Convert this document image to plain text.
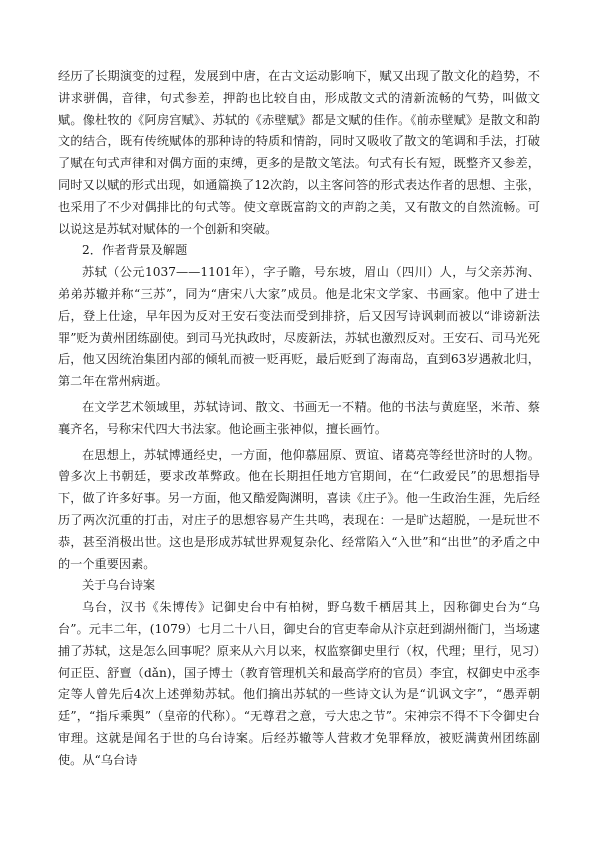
经历了长期演变的过程，发展到中唐，在古文运动影响下，赋又出现了散文化的趋势，不讲求骈偶，音律，句式参差，押韵也比较自由，形成散文式的清新流畅的气势，叫做文赋。像杜牧的《阿房宫赋》、苏轼的《赤壁赋》都是文赋的佳作。《前赤壁赋》是散文和韵文的结合，既有传统赋体的那种诗的特质和情韵，同时又吸收了散文的笔调和手法，打破了赋在句式声律和对偶方面的束缚，更多的是散文笔法。句式有长有短，既整齐又参差，同时又以赋的形式出现，如通篇换了12次韵，以主客问答的形式表达作者的思想、主张，也采用了不少对偶排比的句式等。使文章既富韵文的声韵之美，又有散文的自然流畅。可以说这是苏轼对赋体的一个创新和突破。

2．作者背景及解题

苏轼（公元1037——1101年），字子瞻，号东坡，眉山（四川）人，与父亲苏洵、弟弟苏辙并称“三苏”，同为“唐宋八大家”成员。他是北宋文学家、书画家。他中了进士后，登上仕途，早年因为反对王安石变法而受到排挤，后又因写诗讽刺而被以“诽谤新法罪”贬为黄州团练副使。到司马光执政时，尽废新法，苏轼也激烈反对。王安石、司马光死后，他又因统治集团内部的倾轧而被一贬再贬，最后贬到了海南岛，直到63岁遇赦北归，第二年在常州病逝。

在文学艺术领域里，苏轼诗词、散文、书画无一不精。他的书法与黄庭坚，米芾、蔡襄齐名，号称宋代四大书法家。他论画主张神似，擅长画竹。

在思想上，苏轼博通经史，一方面，他仰慕屈原、贾谊、诸葛亮等经世济时的人物。曾多次上书朝廷，要求改革弊政。他在长期担任地方官期间，在“仁政爱民”的思想指导下，做了许多好事。另一方面，他又酷爱陶渊明，喜读《庄子》。他一生政治生涯，先后经历了两次沉重的打击，对庄子的思想容易产生共鸣，表现在：一是旷达超脱，一是玩世不恭，甚至消极出世。这也是形成苏轼世界观复杂化、经常陷入“入世”和“出世”的矛盾之中的一个重要因素。

关于乌台诗案

乌台，汉书《朱博传》记御史台中有柏树，野乌数千栖居其上，因称御史台为“乌台”。元丰二年，(1079）七月二十八日，御史台的官吏奉命从汴京赶到湖州衙门，当场逮捕了苏轼，这是怎么回事呢？原来从六月以来，权监察御史里行（权，代理；里行，见习）何正臣、舒亶（dǎn)，国子博士（教育管理机关和最高学府的官员）李宜，权御史中丞李定等人曾先后4次上述弹劾苏轼。他们摘出苏轼的一些诗文认为是“讥讽文字”，“愚弄朝廷”，“指斥乘舆”（皇帝的代称）。“无尊君之意，亏大忠之节”。宋神宗不得不下令御史台审理。这就是闻名于世的乌台诗案。后经苏辙等人营救才免罪释放，被贬满黄州团练副使。从“乌台诗
